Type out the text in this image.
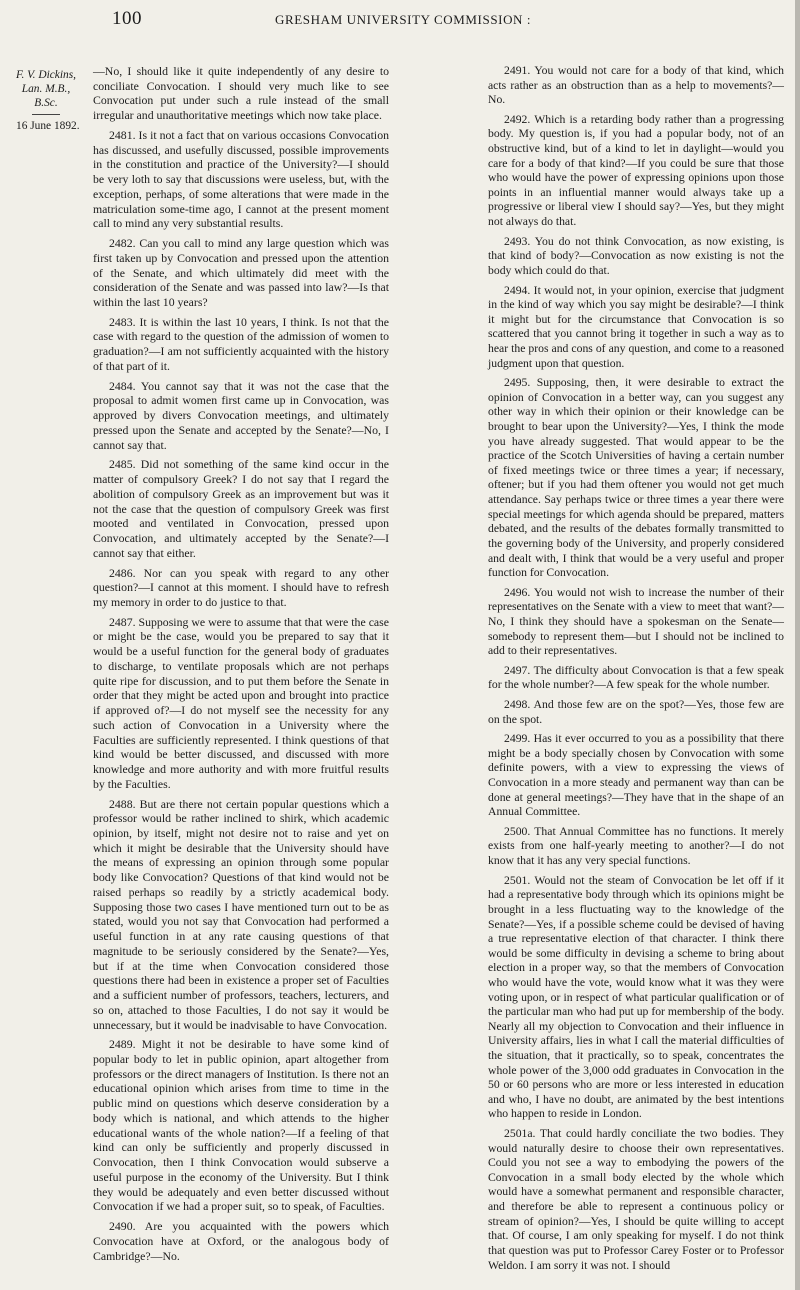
100	GRESHAM UNIVERSITY COMMISSION :
F. V. Dickins,
Lan. M.B.,
B.Sc.
16 June 1892.

—No, I should like it quite independently of any desire to conciliate Convocation. I should very much like to see Convocation put under such a rule instead of the small irregular and unauthoritative meetings which now take place.

2481. Is it not a fact that on various occasions Convocation has discussed, and usefully discussed, possible improvements in the constitution and practice of the University?—I should be very loth to say that discussions were useless, but, with the exception, perhaps, of some alterations that were made in the matriculation some-time ago, I cannot at the present moment call to mind any very substantial results.

2482. Can you call to mind any large question which was first taken up by Convocation and pressed upon the attention of the Senate, and which ultimately did meet with the consideration of the Senate and was passed into law?—Is that within the last 10 years?

2483. It is within the last 10 years, I think. Is not that the case with regard to the question of the admission of women to graduation?—I am not sufficiently acquainted with the history of that part of it.

2484. You cannot say that it was not the case that the proposal to admit women first came up in Convocation, was approved by divers Convocation meetings, and ultimately pressed upon the Senate and accepted by the Senate?—No, I cannot say that.

2485. Did not something of the same kind occur in the matter of compulsory Greek? I do not say that I regard the abolition of compulsory Greek as an improvement but was it not the case that the question of compulsory Greek was first mooted and ventilated in Convocation, pressed upon Convocation, and ultimately accepted by the Senate?—I cannot say that either.

2486. Nor can you speak with regard to any other question?—I cannot at this moment. I should have to refresh my memory in order to do justice to that.

2487. Supposing we were to assume that that were the case or might be the case, would you be prepared to say that it would be a useful function for the general body of graduates to discharge, to ventilate proposals which are not perhaps quite ripe for discussion, and to put them before the Senate in order that they might be acted upon and brought into practice if approved of?—I do not myself see the necessity for any such action of Convocation in a University where the Faculties are sufficiently represented. I think questions of that kind would be better discussed, and discussed with more knowledge and more authority and with more fruitful results by the Faculties.

2488. But are there not certain popular questions which a professor would be rather inclined to shirk, which academic opinion, by itself, might not desire not to raise and yet on which it might be desirable that the University should have the means of expressing an opinion through some popular body like Convocation? Questions of that kind would not be raised perhaps so readily by a strictly academical body. Supposing those two cases I have mentioned turn out to be as stated, would you not say that Convocation had performed a useful function in at any rate causing questions of that magnitude to be seriously considered by the Senate?—Yes, but if at the time when Convocation considered those questions there had been in existence a proper set of Faculties and a sufficient number of professors, teachers, lecturers, and so on, attached to those Faculties, I do not say it would be unnecessary, but it would be inadvisable to have Convocation.

2489. Might it not be desirable to have some kind of popular body to let in public opinion, apart altogether from professors or the direct managers of Institution. Is there not an educational opinion which arises from time to time in the public mind on questions which deserve consideration by a body which is national, and which attends to the higher educational wants of the whole nation?—If a feeling of that kind can only be sufficiently and properly discussed in Convocation, then I think Convocation would subserve a useful purpose in the economy of the University. But I think they would be adequately and even better discussed without Convocation if we had a proper suit, so to speak, of Faculties.

2490. Are you acquainted with the powers which Convocation have at Oxford, or the analogous body of Cambridge?—No.

2491. You would not care for a body of that kind, which acts rather as an obstruction than as a help to movements?—No.

2492. Which is a retarding body rather than a progressing body. My question is, if you had a popular body, not of an obstructive kind, but of a kind to let in daylight—would you care for a body of that kind?—If you could be sure that those who would have the power of expressing opinions upon those points in an influential manner would always take up a progressive or liberal view I should say?—Yes, but they might not always do that.

2493. You do not think Convocation, as now existing, is that kind of body?—Convocation as now existing is not the body which could do that.

2494. It would not, in your opinion, exercise that judgment in the kind of way which you say might be desirable?—I think it might but for the circumstance that Convocation is so scattered that you cannot bring it together in such a way as to hear the pros and cons of any question, and come to a reasoned judgment upon that question.

2495. Supposing, then, it were desirable to extract the opinion of Convocation in a better way, can you suggest any other way in which their opinion or their knowledge can be brought to bear upon the University?—Yes, I think the mode you have already suggested. That would appear to be the practice of the Scotch Universities of having a certain number of fixed meetings twice or three times a year; if necessary, oftener; but if you had them oftener you would not get much attendance. Say perhaps twice or three times a year there were special meetings for which agenda should be prepared, matters debated, and the results of the debates formally transmitted to the governing body of the University, and properly considered and dealt with, I think that would be a very useful and proper function for Convocation.

2496. You would not wish to increase the number of their representatives on the Senate with a view to meet that want?—No, I think they should have a spokesman on the Senate—somebody to represent them—but I should not be inclined to add to their representatives.

2497. The difficulty about Convocation is that a few speak for the whole number?—A few speak for the whole number.

2498. And those few are on the spot?—Yes, those few are on the spot.

2499. Has it ever occurred to you as a possibility that there might be a body specially chosen by Convocation with some definite powers, with a view to expressing the views of Convocation in a more steady and permanent way than can be done at general meetings?—They have that in the shape of an Annual Committee.

2500. That Annual Committee has no functions. It merely exists from one half-yearly meeting to another?—I do not know that it has any very special functions.

2501. Would not the steam of Convocation be let off if it had a representative body through which its opinions might be brought in a less fluctuating way to the knowledge of the Senate?—Yes, if a possible scheme could be devised of having a true representative election of that character. I think there would be some difficulty in devising a scheme to bring about election in a proper way, so that the members of Convocation who would have the vote, would know what it was they were voting upon, or in respect of what particular qualification or of the particular man who had put up for membership of the body. Nearly all my objection to Convocation and their influence in University affairs, lies in what I call the material difficulties of the situation, that it practically, so to speak, concentrates the whole power of the 3,000 odd graduates in Convocation in the 50 or 60 persons who are more or less interested in education and who, I have no doubt, are animated by the best intentions who happen to reside in London.

2501a. That could hardly conciliate the two bodies. They would naturally desire to choose their own representatives. Could you not see a way to embodying the powers of the Convocation in a small body elected by the whole which would have a somewhat permanent and responsible character, and therefore be able to represent a continuous policy or stream of opinion?—Yes, I should be quite willing to accept that. Of course, I am only speaking for myself. I do not think that question was put to Professor Carey Foster or to Professor Weldon. I am sorry it was not. I should
